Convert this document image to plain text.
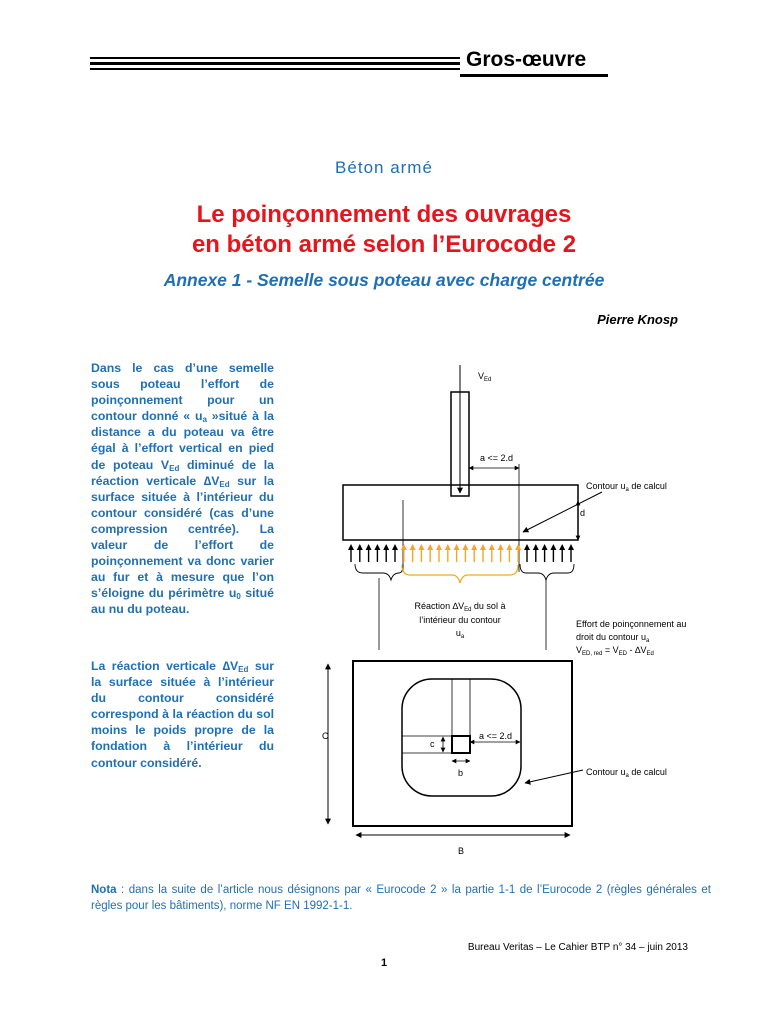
Gros-œuvre
Béton armé
Le poinçonnement des ouvrages
en béton armé selon l’Eurocode 2
Annexe 1 - Semelle sous poteau avec charge centrée
Pierre Knosp
Dans le cas d’une semelle sous poteau l’effort de poinçonnement pour un contour donné « $u_a$ »situé à la distance a du poteau va être égal à l’effort vertical en pied de poteau $V_{Ed}$ diminué de la réaction verticale $\Delta V_{Ed}$ sur la surface située à l’intérieur du contour considéré (cas d’une compression centrée). La valeur de l’effort de poinçonnement va donc varier au fur et à mesure que l’on s’éloigne du périmètre $u_0$ situé au nu du poteau.
La réaction verticale $\Delta V_{Ed}$ sur la surface située à l’intérieur du contour considéré correspond à la réaction du sol moins le poids propre de la fondation à l’intérieur du contour considéré.
$V_{Ed}$
a <= 2.d
Contour $u_a$ de calcul
d
Réaction $\Delta V_{Ed}$ du sol à
l’intérieur du contour
$u_a$
Effort de poinçonnement au
droit du contour $u_a$
$V_{ED, red} = V_{ED} - \Delta V_{Ed}$
C
B
a <= 2.d
c
b	Contour $u_a$ de calcul
Nota : dans la suite de l’article nous désignons par « Eurocode 2 » la partie 1-1 de l’Eurocode 2 (règles générales et règles pour les bâtiments), norme NF EN 1992-1-1.
Bureau Veritas – Le Cahier BTP n° 34 – juin 2013
1
